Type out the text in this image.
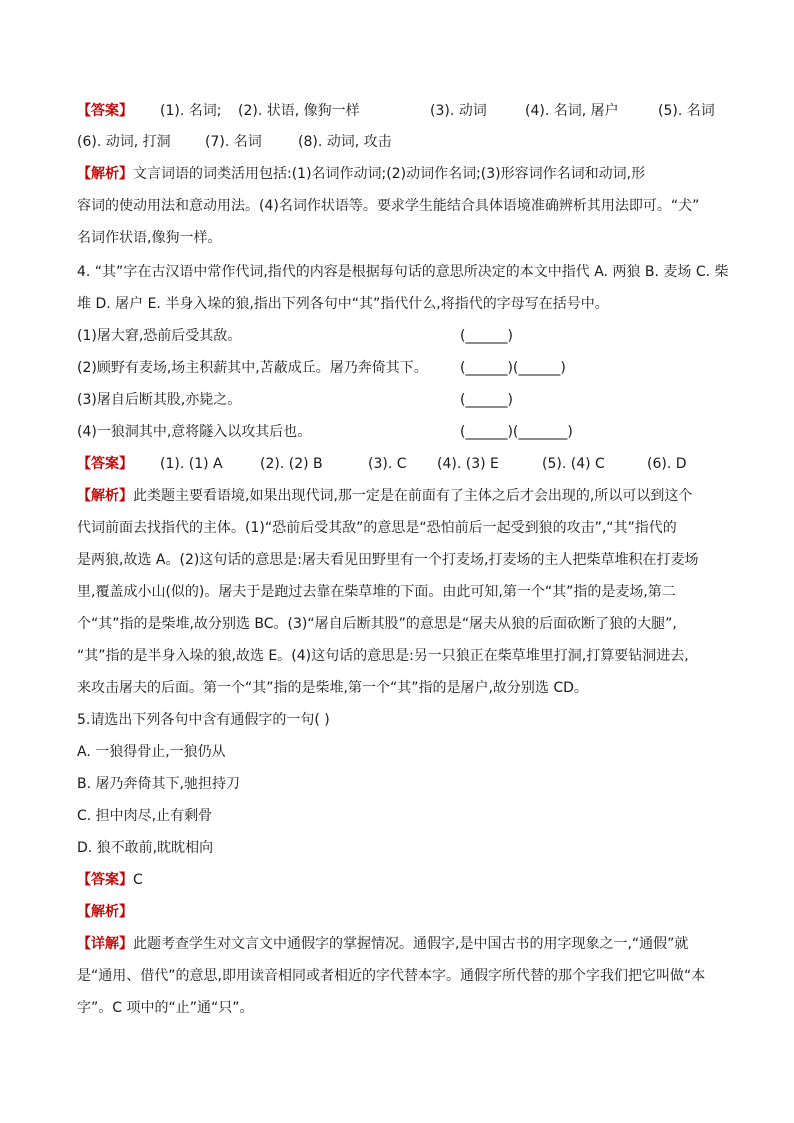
【答案】 (1). 名词; (2). 状语, 像狗一样	(3). 动词	(4). 名词, 屠户	(5). 名词
(6). 动词, 打洞 (7). 名词	(8). 动词, 攻击
【解析】文言词语的词类活用包括:(1)名词作动词;(2)动词作名词;(3)形容词作名词和动词,形
容词的使动用法和意动用法。(4)名词作状语等。要求学生能结合具体语境准确辨析其用法即可。“犬”
名词作状语,像狗一样。
4. “其”字在古汉语中常作代词,指代的内容是根据每句话的意思所决定的本文中指代 A. 两狼 B. 麦场 C. 柴
堆 D. 屠户 E. 半身入垛的狼,指出下列各句中“其”指代什么,将指代的字母写在括号中。
(1)屠大窘,恐前后受其敌。	(______)
(2)顾野有麦场,场主积薪其中,苫蔽成丘。屠乃奔倚其下。 (______)(______)
(3)屠自后断其股,亦毙之。	(______)
(4)一狼洞其中,意将隧入以攻其后也。	(______)(_______)
【答案】 (1). (1) A	(2). (2) B	(3). C (4). (3) E	(5). (4) C	(6). D
【解析】此类题主要看语境,如果出现代词,那一定是在前面有了主体之后才会出现的,所以可以到这个
代词前面去找指代的主体。(1)“恐前后受其敌”的意思是“恐怕前后一起受到狼的攻击”,“其”指代的
是两狼,故选 A。(2)这句话的意思是:屠夫看见田野里有一个打麦场,打麦场的主人把柴草堆积在打麦场
里,覆盖成小山(似的)。屠夫于是跑过去靠在柴草堆的下面。由此可知,第一个“其”指的是麦场,第二
个“其”指的是柴堆,故分别选 BC。(3)“屠自后断其股”的意思是“屠夫从狼的后面砍断了狼的大腿”,
“其”指的是半身入垛的狼,故选 E。(4)这句话的意思是:另一只狼正在柴草堆里打洞,打算要钻洞进去,
来攻击屠夫的后面。第一个“其”指的是柴堆,第一个“其”指的是屠户,故分别选 CD。
5.请选出下列各句中含有通假字的一句( )
A. 一狼得骨止,一狼仍从
B. 屠乃奔倚其下,驰担持刀
C. 担中肉尽,止有剩骨
D. 狼不敢前,眈眈相向
【答案】C
【解析】
【详解】此题考查学生对文言文中通假字的掌握情况。通假字,是中国古书的用字现象之一,“通假”就
是“通用、借代”的意思,即用读音相同或者相近的字代替本字。通假字所代替的那个字我们把它叫做“本
字”。C 项中的“止”通“只”。
